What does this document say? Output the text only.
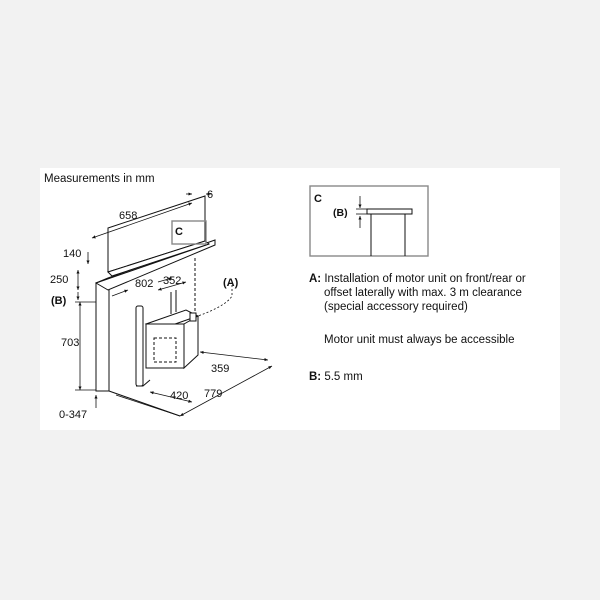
Measurements in mm
C
6
658
140
250
(B)
703
0-347
802 352	(A)
359
420 779
C
(B)
A: Installation of motor unit on front/rear or
offset laterally with max. 3 m clearance
(special accessory required)
Motor unit must always be accessible
B: 5.5 mm
